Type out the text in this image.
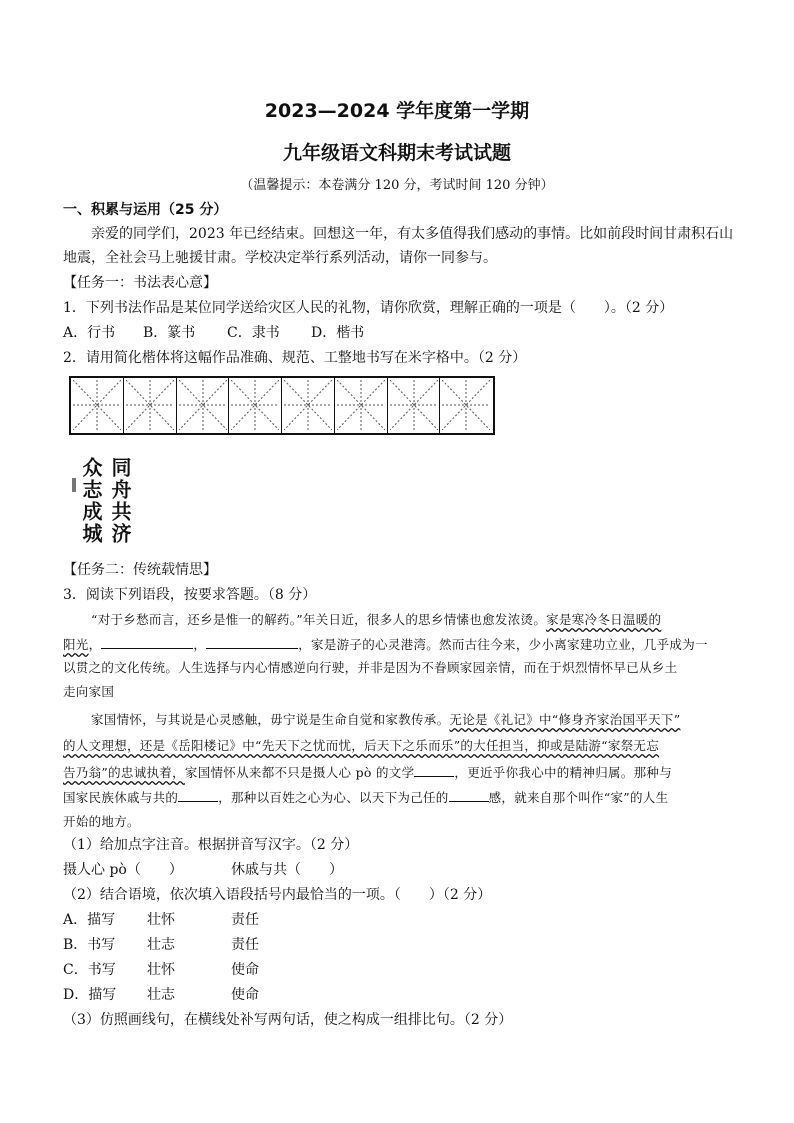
2023—2024 学年度第一学期
九年级语文科期末考试试题
（温馨提示：本卷满分 120 分，考试时间 120 分钟）
一、积累与运用（25 分）
亲爱的同学们，2023 年已经结束。回想这一年，有太多值得我们感动的事情。比如前段时间甘肃积石山
地震，全社会马上驰援甘肃。学校决定举行系列活动，请你一同参与。
【任务一：书法表心意】
1．下列书法作品是某位同学送给灾区人民的礼物，请你欣赏，理解正确的一项是（　　）。（2 分）
A．行书 B．篆书 C．隶书 D．楷书
2．请用简化楷体将这幅作品准确、规范、工整地书写在米字格中。（2 分）
同舟共济
众志成城
【任务二：传统载情思】
3．阅读下列语段，按要求答题。（8 分）
“对于乡愁而言，还乡是惟一的解药。”年关日近，很多人的思乡情愫也愈发浓烫。家是寒冷冬日温暖的
阳光，	，	，家是游子的心灵港湾。然而古往今来，少小离家建功立业，几乎成为一
以贯之的文化传统。人生选择与内心情感逆向行驶，并非是因为不眷顾家园亲情，而在于炽烈情怀早已从乡土
走向家国
家国情怀，与其说是心灵感触，毋宁说是生命自觉和家教传承。无论是《礼记》中“修身齐家治国平天下”
的人文理想，还是《岳阳楼记》中“先天下之忧而忧，后天下之乐而乐”的大任担当，抑或是陆游“家祭无忘
告乃翁”的忠诚执着，家国情怀从来都不只是摄人心 pò 的文学	，更近乎你我心中的精神归属。那种与
国家民族休戚与共的	，那种以百姓之心为心、以天下为己任的	感，就来自那个叫作“家”的人生
开始的地方。
（1）给加点字注音。根据拼音写汉字。（2 分）
摄人心 pò（　　）	休戚与共（　　）
（2）结合语境，依次填入语段括号内最恰当的一项。（　　）（2 分）
A．描写 壮怀	责任
B．书写 壮志	责任
C．书写 壮怀	使命
D．描写 壮志	使命
（3）仿照画线句，在横线处补写两句话，使之构成一组排比句。（2 分）
